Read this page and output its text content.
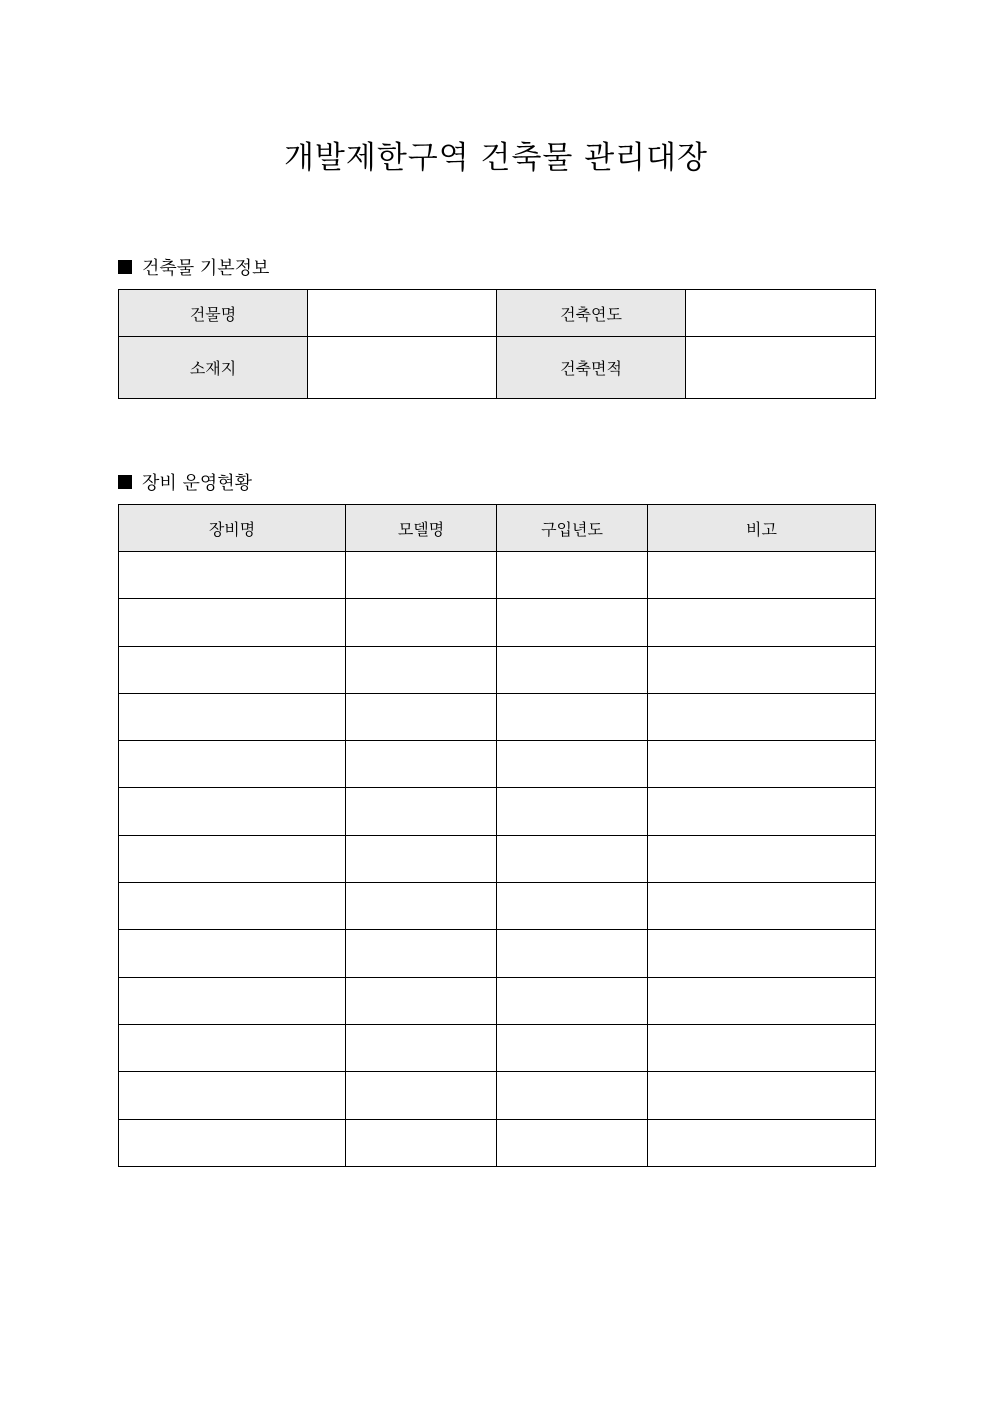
개발제한구역 건축물 관리대장
건축물 기본정보
건물명		건축연도	
소재지		건축면적	
장비 운영현황
장비명	모델명	구입년도	비고
